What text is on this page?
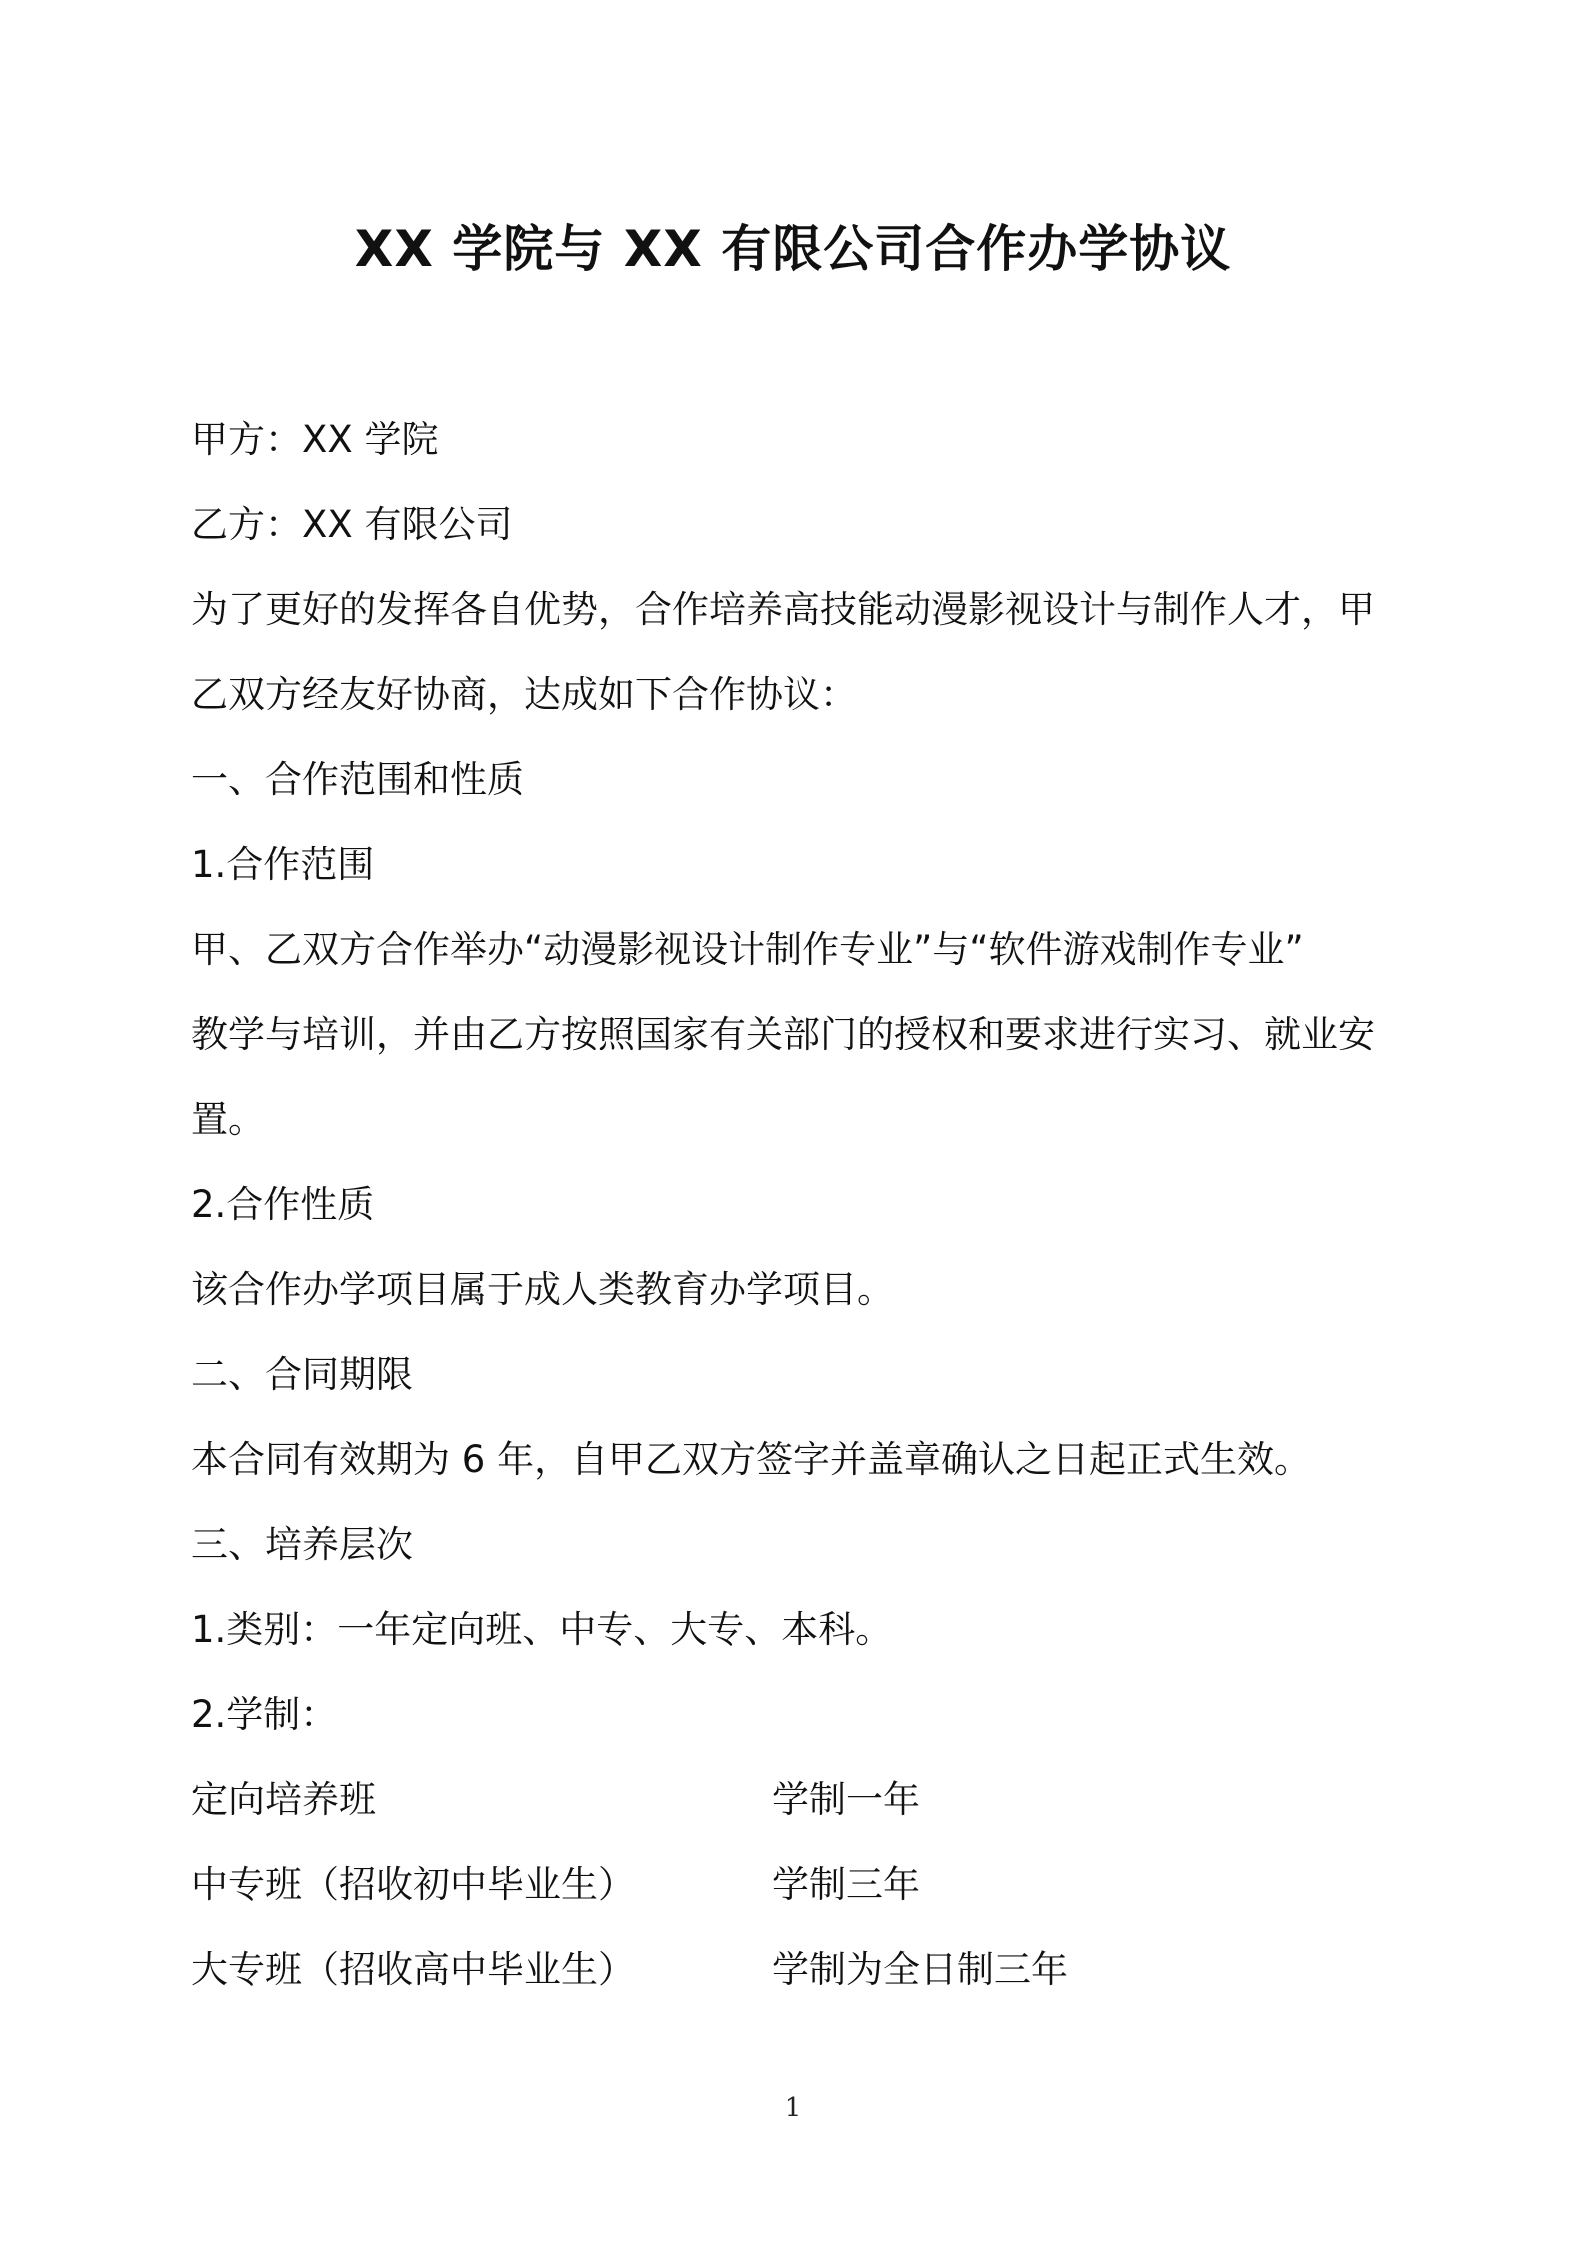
XX 学院与 XX 有限公司合作办学协议
甲方：XX 学院
乙方：XX 有限公司
为了更好的发挥各自优势，合作培养高技能动漫影视设计与制作人才，甲
乙双方经友好协商，达成如下合作协议：
一、合作范围和性质
1.合作范围
甲、乙双方合作举办“动漫影视设计制作专业”与“软件游戏制作专业”
教学与培训，并由乙方按照国家有关部门的授权和要求进行实习、就业安
置。
2.合作性质
该合作办学项目属于成人类教育办学项目。
二、合同期限
本合同有效期为 6 年，自甲乙双方签字并盖章确认之日起正式生效。
三、培养层次
1.类别：一年定向班、中专、大专、本科。
2.学制：
定向培养班	学制一年
中专班（招收初中毕业生）	学制三年
大专班（招收高中毕业生）	学制为全日制三年
1
